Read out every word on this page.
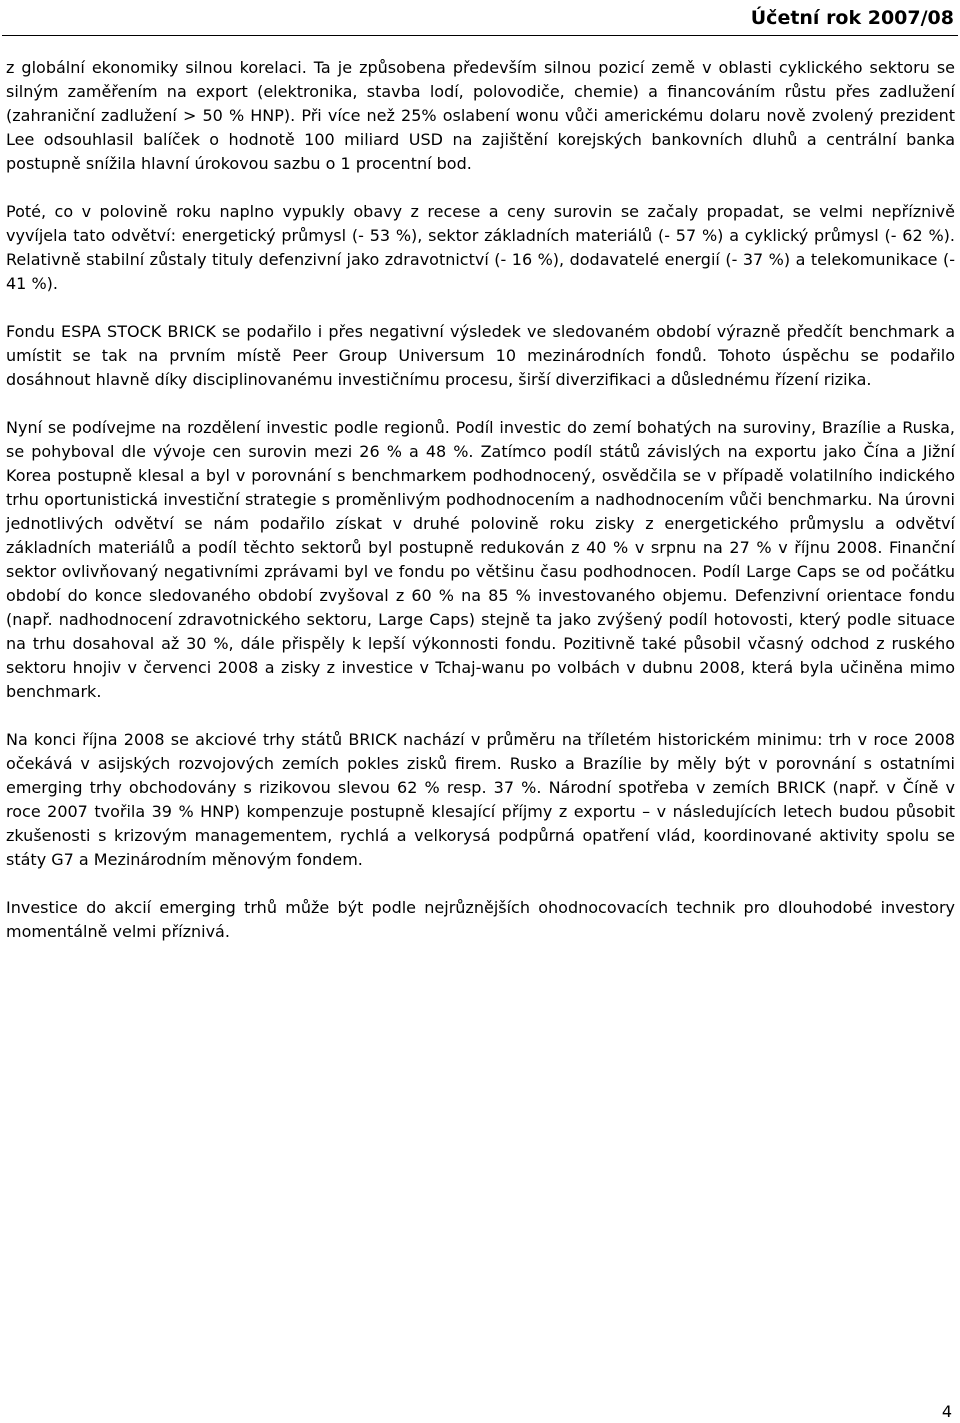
Účetní rok 2007/08

z globální ekonomiky silnou korelaci. Ta je způsobena především silnou pozicí země v oblasti cyklického sektoru se silným zaměřením na export (elektronika, stavba lodí, polovodiče, chemie) a financováním růstu přes zadlužení (zahraniční zadlužení > 50 % HNP). Při více než 25% oslabení wonu vůči americkému dolaru nově zvolený prezident Lee odsouhlasil balíček o hodnotě 100 miliard USD na zajištění korejských bankovních dluhů a centrální banka postupně snížila hlavní úrokovou sazbu o 1 procentní bod.

Poté, co v polovině roku naplno vypukly obavy z recese a ceny surovin se začaly propadat, se velmi nepříznivě vyvíjela tato odvětví: energetický průmysl (- 53 %), sektor základních materiálů (- 57 %) a cyklický průmysl (- 62 %). Relativně stabilní zůstaly tituly defenzivní jako zdravotnictví (- 16 %), dodavatelé energií (- 37 %) a telekomunikace (- 41 %).

Fondu ESPA STOCK BRICK se podařilo i přes negativní výsledek ve sledovaném období výrazně předčít benchmark a umístit se tak na prvním místě Peer Group Universum 10 mezinárodních fondů. Tohoto úspěchu se podařilo dosáhnout hlavně díky disciplinovanému investičnímu procesu, širší diverzifikaci a důslednému řízení rizika.

Nyní se podívejme na rozdělení investic podle regionů. Podíl investic do zemí bohatých na suroviny, Brazílie a Ruska, se pohyboval dle vývoje cen surovin mezi 26 % a 48 %. Zatímco podíl států závislých na exportu jako Čína a Jižní Korea postupně klesal a byl v porovnání s benchmarkem podhodnocený, osvědčila se v případě volatilního indického trhu oportunistická investiční strategie s proměnlivým podhodnocením a nadhodnocením vůči benchmarku. Na úrovni jednotlivých odvětví se nám podařilo získat v druhé polovině roku zisky z energetického průmyslu a odvětví základních materiálů a podíl těchto sektorů byl postupně redukován z 40 % v srpnu na 27 % v říjnu 2008. Finanční sektor ovlivňovaný negativními zprávami byl ve fondu po většinu času podhodnocen. Podíl Large Caps se od počátku období do konce sledovaného období zvyšoval z 60 % na 85 % investovaného objemu. Defenzivní orientace fondu (např. nadhodnocení zdravotnického sektoru, Large Caps) stejně ta jako zvýšený podíl hotovosti, který podle situace na trhu dosahoval až 30 %, dále přispěly k lepší výkonnosti fondu. Pozitivně také působil včasný odchod z ruského sektoru hnojiv v červenci 2008 a zisky z investice v Tchaj-wanu po volbách v dubnu 2008, která byla učiněna mimo benchmark.

Na konci října 2008 se akciové trhy států BRICK nachází v průměru na tříletém historickém minimu: trh v roce 2008 očekává v asijských rozvojových zemích pokles zisků firem. Rusko a Brazílie by měly být v porovnání s ostatními emerging trhy obchodovány s rizikovou slevou 62 % resp. 37 %. Národní spotřeba v zemích BRICK (např. v Číně v roce 2007 tvořila 39 % HNP) kompenzuje postupně klesající příjmy z exportu – v následujících letech budou působit zkušenosti s krizovým managementem, rychlá a velkorysá podpůrná opatření vlád, koordinované aktivity spolu se státy G7 a Mezinárodním měnovým fondem.

Investice do akcií emerging trhů může být podle nejrůznějších ohodnocovacích technik pro dlouhodobé investory momentálně velmi příznivá.

4
